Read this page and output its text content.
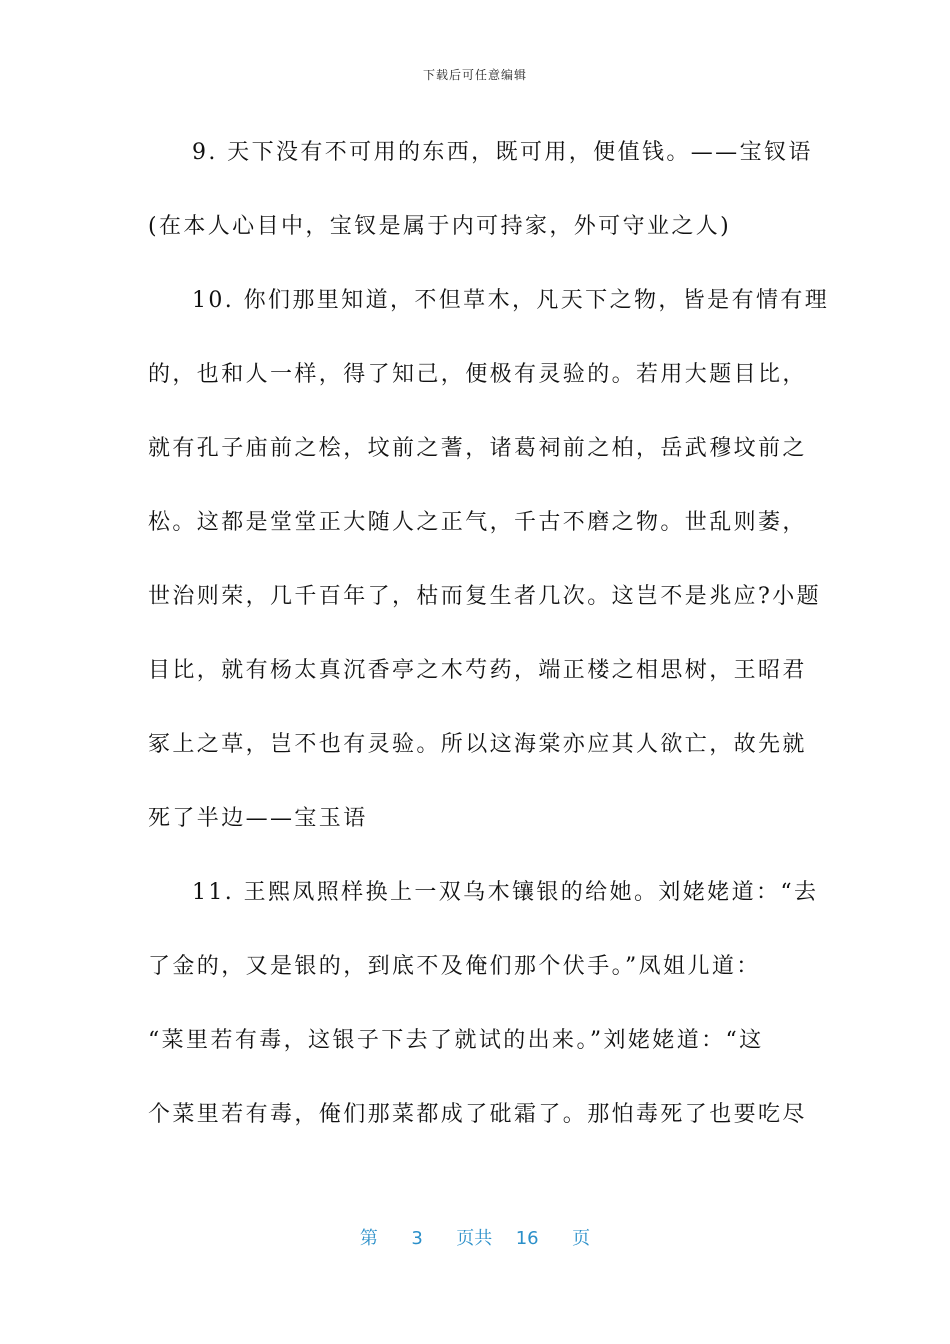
下载后可任意编辑
9. 天下没有不可用的东西，既可用，便值钱。——宝钗语
(在本人心目中，宝钗是属于内可持家，外可守业之人)
10. 你们那里知道，不但草木，凡天下之物，皆是有情有理
的，也和人一样，得了知己，便极有灵验的。若用大题目比，
就有孔子庙前之桧，坟前之蓍，诸葛祠前之柏，岳武穆坟前之
松。这都是堂堂正大随人之正气，千古不磨之物。世乱则萎，
世治则荣，几千百年了，枯而复生者几次。这岂不是兆应?小题
目比，就有杨太真沉香亭之木芍药，端正楼之相思树，王昭君
冢上之草，岂不也有灵验。所以这海棠亦应其人欲亡，故先就
死了半边——宝玉语
11. 王熙凤照样换上一双乌木镶银的给她。刘姥姥道：“去
了金的，又是银的，到底不及俺们那个伏手。”凤姐儿道：
“菜里若有毒，这银子下去了就试的出来。”刘姥姥道：“这
个菜里若有毒，俺们那菜都成了砒霜了。那怕毒死了也要吃尽
第 3 页共 16 页
